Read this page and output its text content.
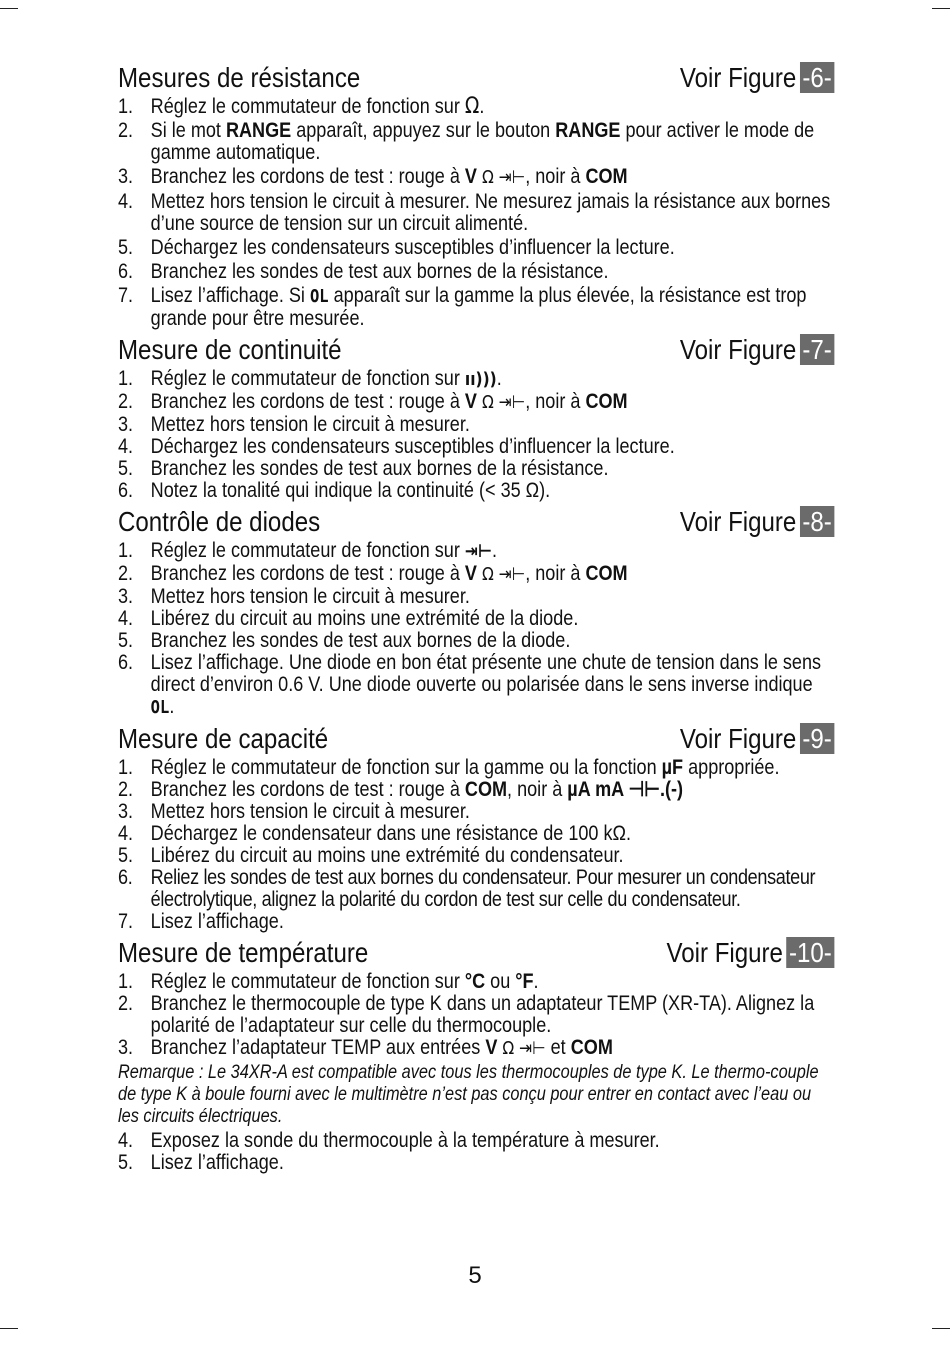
Mesures de résistance	Voir Figure -6-
1. Réglez le commutateur de fonction sur Ω.
2. Si le mot RANGE apparaît, appuyez sur le bouton RANGE pour activer le mode de gamme automatique.
3. Branchez les cordons de test : rouge à V Ω ⇥⊢, noir à COM
4. Mettez hors tension le circuit à mesurer. Ne mesurez jamais la résistance aux bornes d’une source de tension sur un circuit alimenté.
5. Déchargez les condensateurs susceptibles d’influencer la lecture.
6. Branchez les sondes de test aux bornes de la résistance.
7. Lisez l’affichage. Si OL apparaît sur la gamme la plus élevée, la résistance est trop grande pour être mesurée.
Mesure de continuité	Voir Figure -7-
1. Réglez le commutateur de fonction sur ıı))).
2. Branchez les cordons de test : rouge à V Ω ⇥⊢, noir à COM
3. Mettez hors tension le circuit à mesurer.
4. Déchargez les condensateurs susceptibles d’influencer la lecture.
5. Branchez les sondes de test aux bornes de la résistance.
6. Notez la tonalité qui indique la continuité (< 35 Ω).
Contrôle de diodes	Voir Figure -8-
1. Réglez le commutateur de fonction sur ⇥⊢.
2. Branchez les cordons de test : rouge à V Ω ⇥⊢, noir à COM
3. Mettez hors tension le circuit à mesurer.
4. Libérez du circuit au moins une extrémité de la diode.
5. Branchez les sondes de test aux bornes de la diode.
6. Lisez l’affichage. Une diode en bon état présente une chute de tension dans le sens direct d’environ 0.6 V. Une diode ouverte ou polarisée dans le sens inverse indique OL.
Mesure de capacité	Voir Figure -9-
1. Réglez le commutateur de fonction sur la gamme ou la fonction µF appropriée.
2. Branchez les cordons de test : rouge à COM, noir à µA mA ⊣⊢.(-)
3. Mettez hors tension le circuit à mesurer.
4. Déchargez le condensateur dans une résistance de 100 kΩ.
5. Libérez du circuit au moins une extrémité du condensateur.
6. Reliez les sondes de test aux bornes du condensateur. Pour mesurer un condensateur électrolytique, alignez la polarité du cordon de test sur celle du condensateur.
7. Lisez l’affichage.
Mesure de température	Voir Figure -10-
1. Réglez le commutateur de fonction sur °C ou °F.
2. Branchez le thermocouple de type K dans un adaptateur TEMP (XR-TA). Alignez la polarité de l’adaptateur sur celle du thermocouple.
3. Branchez l’adaptateur TEMP aux entrées V Ω ⇥⊢ et COM
Remarque : Le 34XR-A est compatible avec tous les thermocouples de type K. Le thermo-couple de type K à boule fourni avec le multimètre n’est pas conçu pour entrer en contact avec l’eau ou les circuits électriques.
4. Exposez la sonde du thermocouple à la température à mesurer.
5. Lisez l’affichage.
5
